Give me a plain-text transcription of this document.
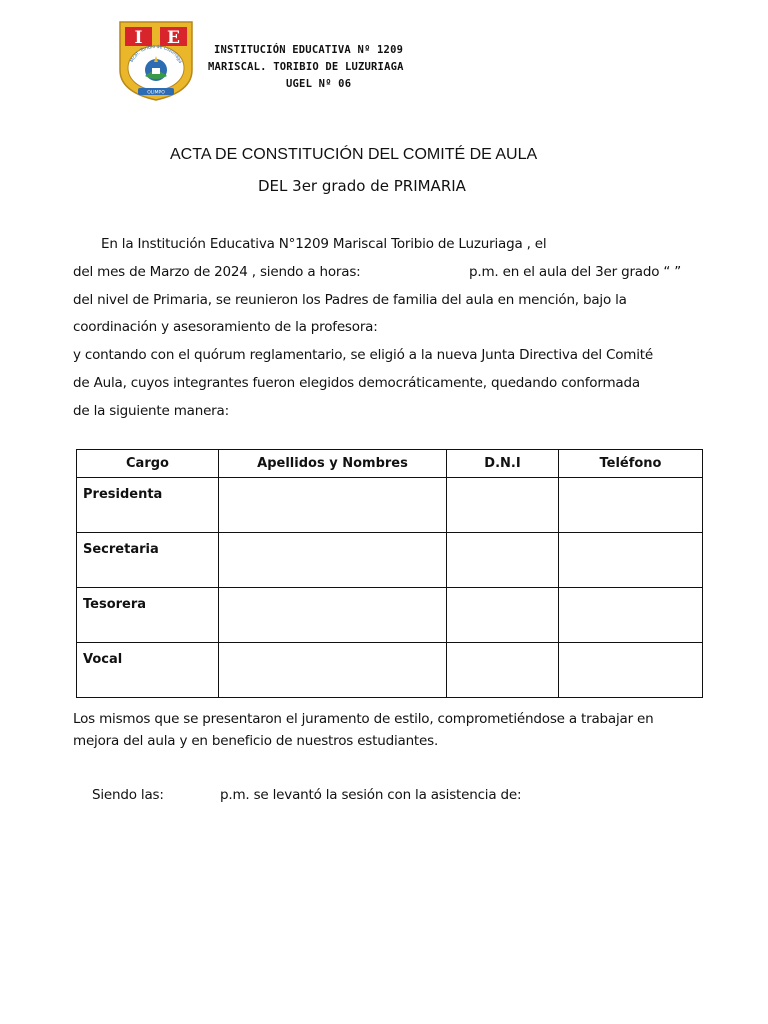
I E
Mcal. Toribio de Luzuriaga
OLIMPO
INSTITUCIÓN EDUCATIVA Nº 1209
MARISCAL. TORIBIO DE LUZURIAGA
UGEL Nº 06
ACTA DE CONSTITUCIÓN DEL COMITÉ DE AULA
DEL 3er grado de PRIMARIA
En la Institución Educativa N°1209 Mariscal Toribio de Luzuriaga , el
del mes de Marzo de 2024 , siendo a horas:	p.m. en el aula del 3er grado “ ”
del nivel de Primaria, se reunieron los Padres de familia del aula en mención, bajo la
coordinación y asesoramiento de la profesora:
y contando con el quórum reglamentario, se eligió a la nueva Junta Directiva del Comité
de Aula, cuyos integrantes fueron elegidos democráticamente, quedando conformada
de la siguiente manera:
Cargo	Apellidos y Nombres	D.N.I	Teléfono
Presidenta			
Secretaria			
Tesorera			
Vocal			
Los mismos que se presentaron el juramento de estilo, comprometiéndose a trabajar en
mejora del aula y en beneficio de nuestros estudiantes.
Siendo las:	p.m. se levantó la sesión con la asistencia de:
